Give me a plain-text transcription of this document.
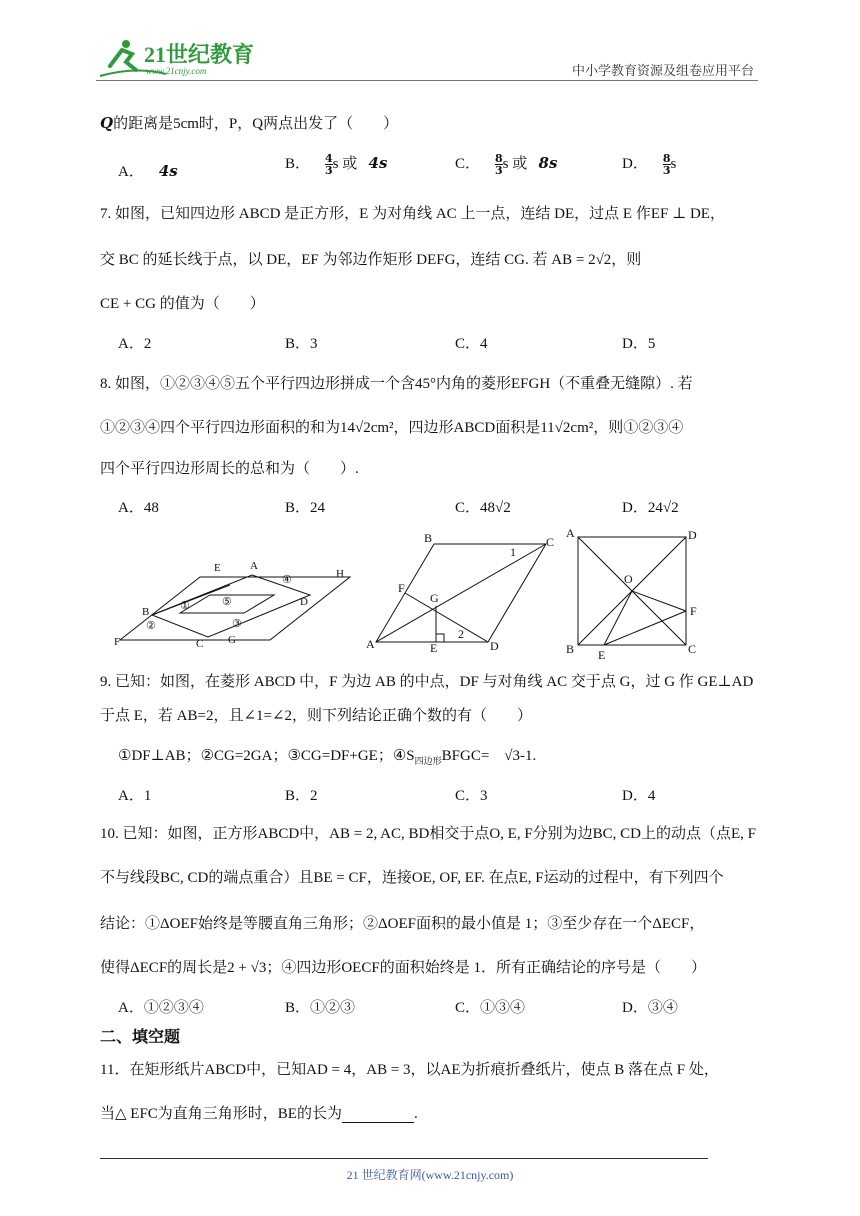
21世纪教育
www.21cnjy.com	中小学教育资源及组卷应用平台
Q的距离是5cm时，P，Q两点出发了（　　）
A． 4s	B． $\frac{4}{3}$ s 或 4s	C． $\frac{8}{3}$ s 或 8s	D． $\frac{8}{3}$ s
7. 如图，已知四边形 ABCD 是正方形，E 为对角线 AC 上一点，连结 DE，过点 E 作EF ⊥ DE，
交 BC 的延长线于点，以 DE，EF 为邻边作矩形 DEFG，连结 CG. 若 AB = 2√2，则
CE + CG 的值为（　　）
A．2	B．3	C．4	D．5
8. 如图，①②③④⑤五个平行四边形拼成一个含45°内角的菱形EFGH（不重叠无缝隙）. 若
①②③④四个平行四边形面积的和为14√2cm²，四边形ABCD面积是11√2cm²，则①②③④
四个平行四边形周长的总和为（　　）.
A．48	B．24	C．48√2	D．24√2
E	A
④	H
B	①	⑤	D
②	③
F	C G
B	C
1
F
G
2
A	E	D
A	D
O
F
B E	C
9. 已知：如图，在菱形 ABCD 中，F 为边 AB 的中点，DF 与对角线 AC 交于点 G，过 G 作 GE⊥AD
于点 E，若 AB=2，且∠1=∠2，则下列结论正确个数的有（　　）
①DF⊥AB；②CG=2GA；③CG=DF+GE；$④S_{四边形}BFGC=$　√3-1.
A．1	B．2	C．3	D．4
10. 已知：如图，正方形ABCD中，AB = 2, AC, BD相交于点O, E, F分别为边BC, CD上的动点（点E, F
不与线段BC, CD的端点重合）且BE = CF，连接OE, OF, EF. 在点E, F运动的过程中，有下列四个
结论：①ΔOEF始终是等腰直角三角形；②ΔOEF面积的最小值是 1；③至少存在一个ΔECF，
使得ΔECF的周长是2 + √3；④四边形OECF的面积始终是 1．所有正确结论的序号是（　　）
A．①②③④	B．①②③	C．①③④	D．③④
二、填空题
11．在矩形纸片ABCD中，已知AD = 4，AB = 3，以AE为折痕折叠纸片，使点 B 落在点 F 处，
当△ EFC为直角三角形时，BE的长为	.
21 世纪教育网(www.21cnjy.com)
